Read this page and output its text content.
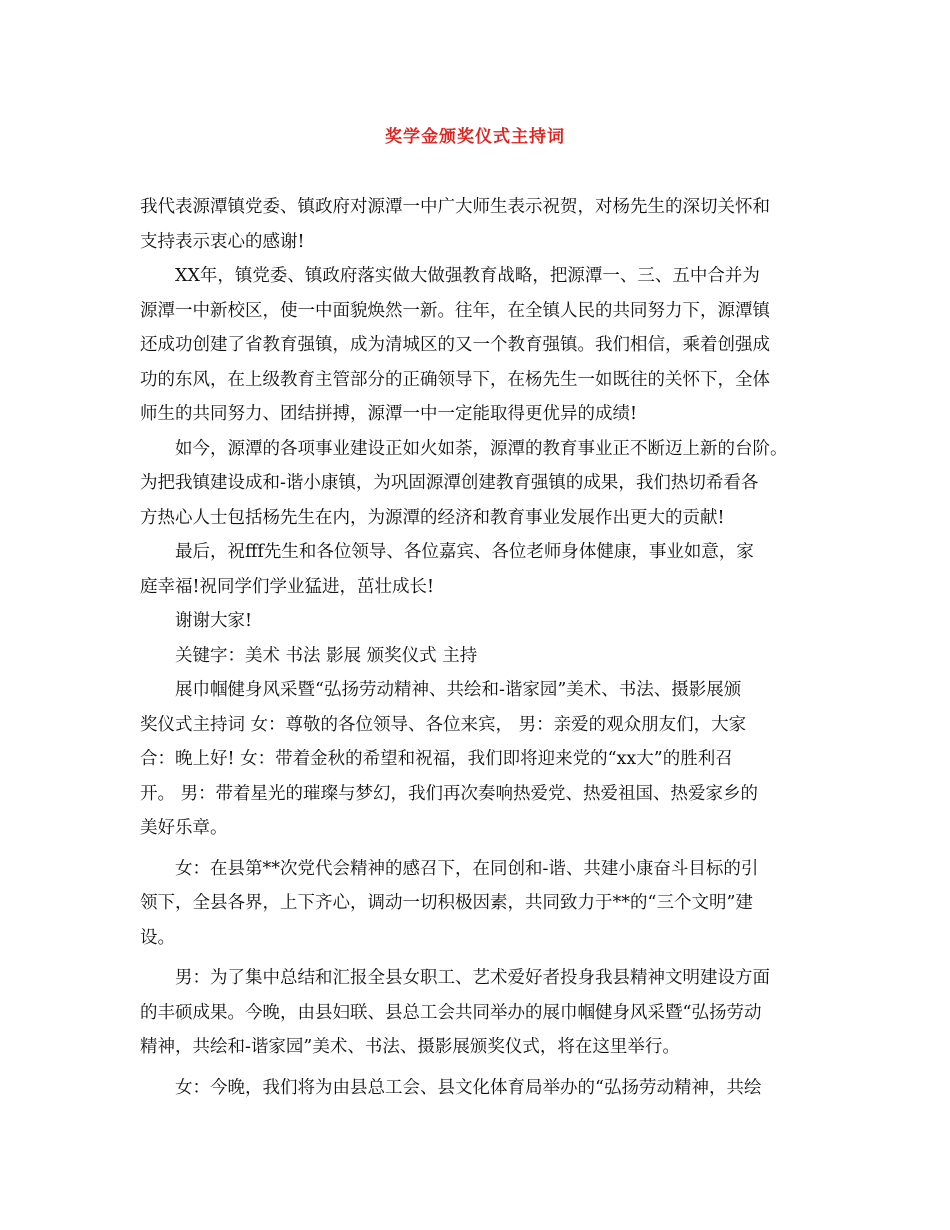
奖学金颁奖仪式主持词

我代表源潭镇党委、镇政府对源潭一中广大师生表示祝贺，对杨先生的深切关怀和
支持表示衷心的感谢!

XX年，镇党委、镇政府落实做大做强教育战略，把源潭一、三、五中合并为
源潭一中新校区，使一中面貌焕然一新。往年，在全镇人民的共同努力下，源潭镇
还成功创建了省教育强镇，成为清城区的又一个教育强镇。我们相信，乘着创强成
功的东风，在上级教育主管部分的正确领导下，在杨先生一如既往的关怀下，全体
师生的共同努力、团结拼搏，源潭一中一定能取得更优异的成绩!

如今，源潭的各项事业建设正如火如荼，源潭的教育事业正不断迈上新的台阶。
为把我镇建设成和-谐小康镇，为巩固源潭创建教育强镇的成果，我们热切希看各
方热心人士包括杨先生在内，为源潭的经济和教育事业发展作出更大的贡献!

最后，祝fff先生和各位领导、各位嘉宾、各位老师身体健康，事业如意，家
庭幸福!祝同学们学业猛进，茁壮成长!

谢谢大家!

关键字：美术 书法 影展 颁奖仪式 主持

展巾帼健身风采暨“弘扬劳动精神、共绘和-谐家园”美术、书法、摄影展颁
奖仪式主持词 女：尊敬的各位领导、各位来宾， 男：亲爱的观众朋友们，大家
合：晚上好! 女：带着金秋的希望和祝福，我们即将迎来党的“xx大”的胜利召
开。 男：带着星光的璀璨与梦幻，我们再次奏响热爱党、热爱祖国、热爱家乡的
美好乐章。

女：在县第**次党代会精神的感召下，在同创和-谐、共建小康奋斗目标的引
领下，全县各界，上下齐心，调动一切积极因素，共同致力于**的“三个文明”建
设。

男：为了集中总结和汇报全县女职工、艺术爱好者投身我县精神文明建设方面
的丰硕成果。今晚，由县妇联、县总工会共同举办的展巾帼健身风采暨“弘扬劳动
精神，共绘和-谐家园”美术、书法、摄影展颁奖仪式，将在这里举行。

女：今晚，我们将为由县总工会、县文化体育局举办的“弘扬劳动精神，共绘
